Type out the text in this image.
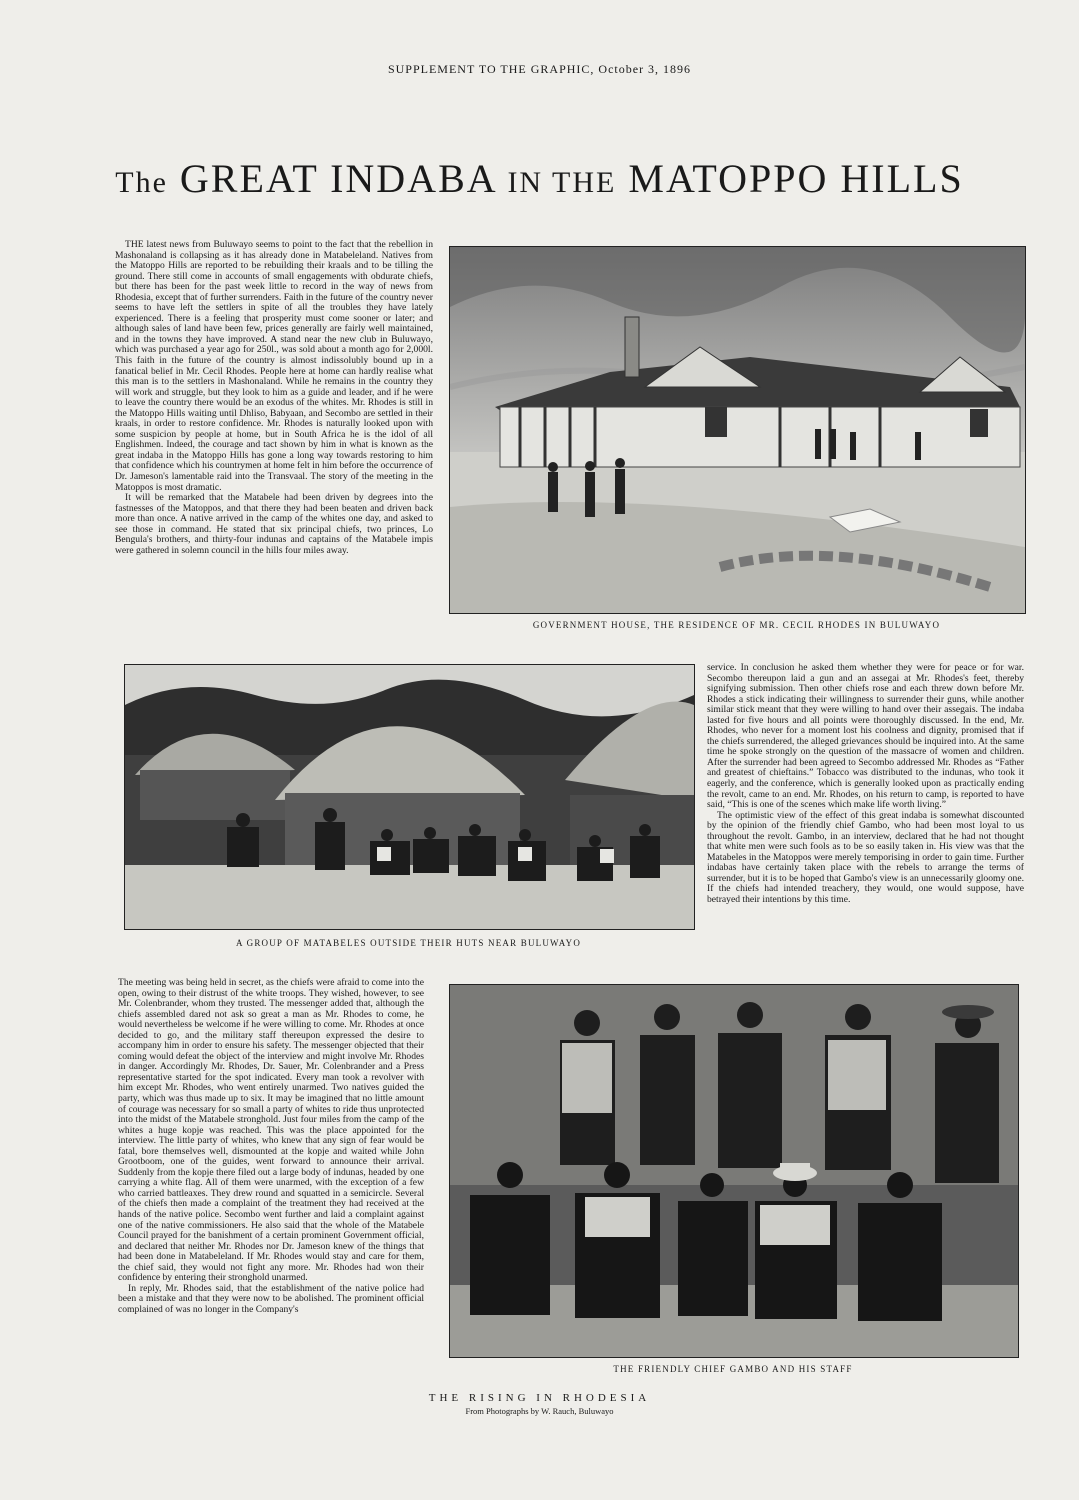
SUPPLEMENT TO THE GRAPHIC, October 3, 1896
The GREAT INDABA IN THE MATOPPO HILLS

THE latest news from Buluwayo seems to point to the fact that the rebellion in Mashonaland is collapsing as it has already done in Matabeleland. Natives from the Matoppo Hills are reported to be rebuilding their kraals and to be tilling the ground. There still come in accounts of small engagements with obdurate chiefs, but there has been for the past week little to record in the way of news from Rhodesia, except that of further surrenders. Faith in the future of the country never seems to have left the settlers in spite of all the troubles they have lately experienced. There is a feeling that prosperity must come sooner or later; and although sales of land have been few, prices generally are fairly well maintained, and in the towns they have improved. A stand near the new club in Buluwayo, which was purchased a year ago for 250l., was sold about a month ago for 2,000l. This faith in the future of the country is almost indissolubly bound up in a fanatical belief in Mr. Cecil Rhodes. People here at home can hardly realise what this man is to the settlers in Mashonaland. While he remains in the country they will work and struggle, but they look to him as a guide and leader, and if he were to leave the country there would be an exodus of the whites. Mr. Rhodes is still in the Matoppo Hills waiting until Dhliso, Babyaan, and Secombo are settled in their kraals, in order to restore confidence. Mr. Rhodes is naturally looked upon with some suspicion by people at home, but in South Africa he is the idol of all Englishmen. Indeed, the courage and tact shown by him in what is known as the great indaba in the Matoppo Hills has gone a long way towards restoring to him that confidence which his countrymen at home felt in him before the occurrence of Dr. Jameson's lamentable raid into the Transvaal. The story of the meeting in the Matoppos is most dramatic.

It will be remarked that the Matabele had been driven by degrees into the fastnesses of the Matoppos, and that there they had been beaten and driven back more than once. A native arrived in the camp of the whites one day, and asked to see those in command. He stated that six principal chiefs, two princes, Lo Bengula's brothers, and thirty-four indunas and captains of the Matabele impis were gathered in solemn council in the hills four miles away.

GOVERNMENT HOUSE, THE RESIDENCE OF MR. CECIL RHODES IN BULUWAYO
A GROUP OF MATABELES OUTSIDE THEIR HUTS NEAR BULUWAYO

service. In conclusion he asked them whether they were for peace or for war. Secombo thereupon laid a gun and an assegai at Mr. Rhodes's feet, thereby signifying submission. Then other chiefs rose and each threw down before Mr. Rhodes a stick indicating their willingness to surrender their guns, while another similar stick meant that they were willing to hand over their assegais. The indaba lasted for five hours and all points were thoroughly discussed. In the end, Mr. Rhodes, who never for a moment lost his coolness and dignity, promised that if the chiefs surrendered, the alleged grievances should be inquired into. At the same time he spoke strongly on the question of the massacre of women and children. After the surrender had been agreed to Secombo addressed Mr. Rhodes as “Father and greatest of chieftains.” Tobacco was distributed to the indunas, who took it eagerly, and the conference, which is generally looked upon as practically ending the revolt, came to an end. Mr. Rhodes, on his return to camp, is reported to have said, “This is one of the scenes which make life worth living.”

The optimistic view of the effect of this great indaba is somewhat discounted by the opinion of the friendly chief Gambo, who had been most loyal to us throughout the revolt. Gambo, in an interview, declared that he had not thought that white men were such fools as to be so easily taken in. His view was that the Matabeles in the Matoppos were merely temporising in order to gain time. Further indabas have certainly taken place with the rebels to arrange the terms of surrender, but it is to be hoped that Gambo's view is an unnecessarily gloomy one. If the chiefs had intended treachery, they would, one would suppose, have betrayed their intentions by this time.

The meeting was being held in secret, as the chiefs were afraid to come into the open, owing to their distrust of the white troops. They wished, however, to see Mr. Colenbrander, whom they trusted. The messenger added that, although the chiefs assembled dared not ask so great a man as Mr. Rhodes to come, he would nevertheless be welcome if he were willing to come. Mr. Rhodes at once decided to go, and the military staff thereupon expressed the desire to accompany him in order to ensure his safety. The messenger objected that their coming would defeat the object of the interview and might involve Mr. Rhodes in danger. Accordingly Mr. Rhodes, Dr. Sauer, Mr. Colenbrander and a Press representative started for the spot indicated. Every man took a revolver with him except Mr. Rhodes, who went entirely unarmed. Two natives guided the party, which was thus made up to six. It may be imagined that no little amount of courage was necessary for so small a party of whites to ride thus unprotected into the midst of the Matabele stronghold. Just four miles from the camp of the whites a huge kopje was reached. This was the place appointed for the interview. The little party of whites, who knew that any sign of fear would be fatal, bore themselves well, dismounted at the kopje and waited while John Grootboom, one of the guides, went forward to announce their arrival. Suddenly from the kopje there filed out a large body of indunas, headed by one carrying a white flag. All of them were unarmed, with the exception of a few who carried battleaxes. They drew round and squatted in a semicircle. Several of the chiefs then made a complaint of the treatment they had received at the hands of the native police. Secombo went further and laid a complaint against one of the native commissioners. He also said that the whole of the Matabele Council prayed for the banishment of a certain prominent Government official, and declared that neither Mr. Rhodes nor Dr. Jameson knew of the things that had been done in Matabeleland. If Mr. Rhodes would stay and care for them, the chief said, they would not fight any more. Mr. Rhodes had won their confidence by entering their stronghold unarmed.

In reply, Mr. Rhodes said, that the establishment of the native police had been a mistake and that they were now to be abolished. The prominent official complained of was no longer in the Company's

THE FRIENDLY CHIEF GAMBO AND HIS STAFF
THE RISING IN RHODESIA
From Photographs by W. Rauch, Buluwayo
